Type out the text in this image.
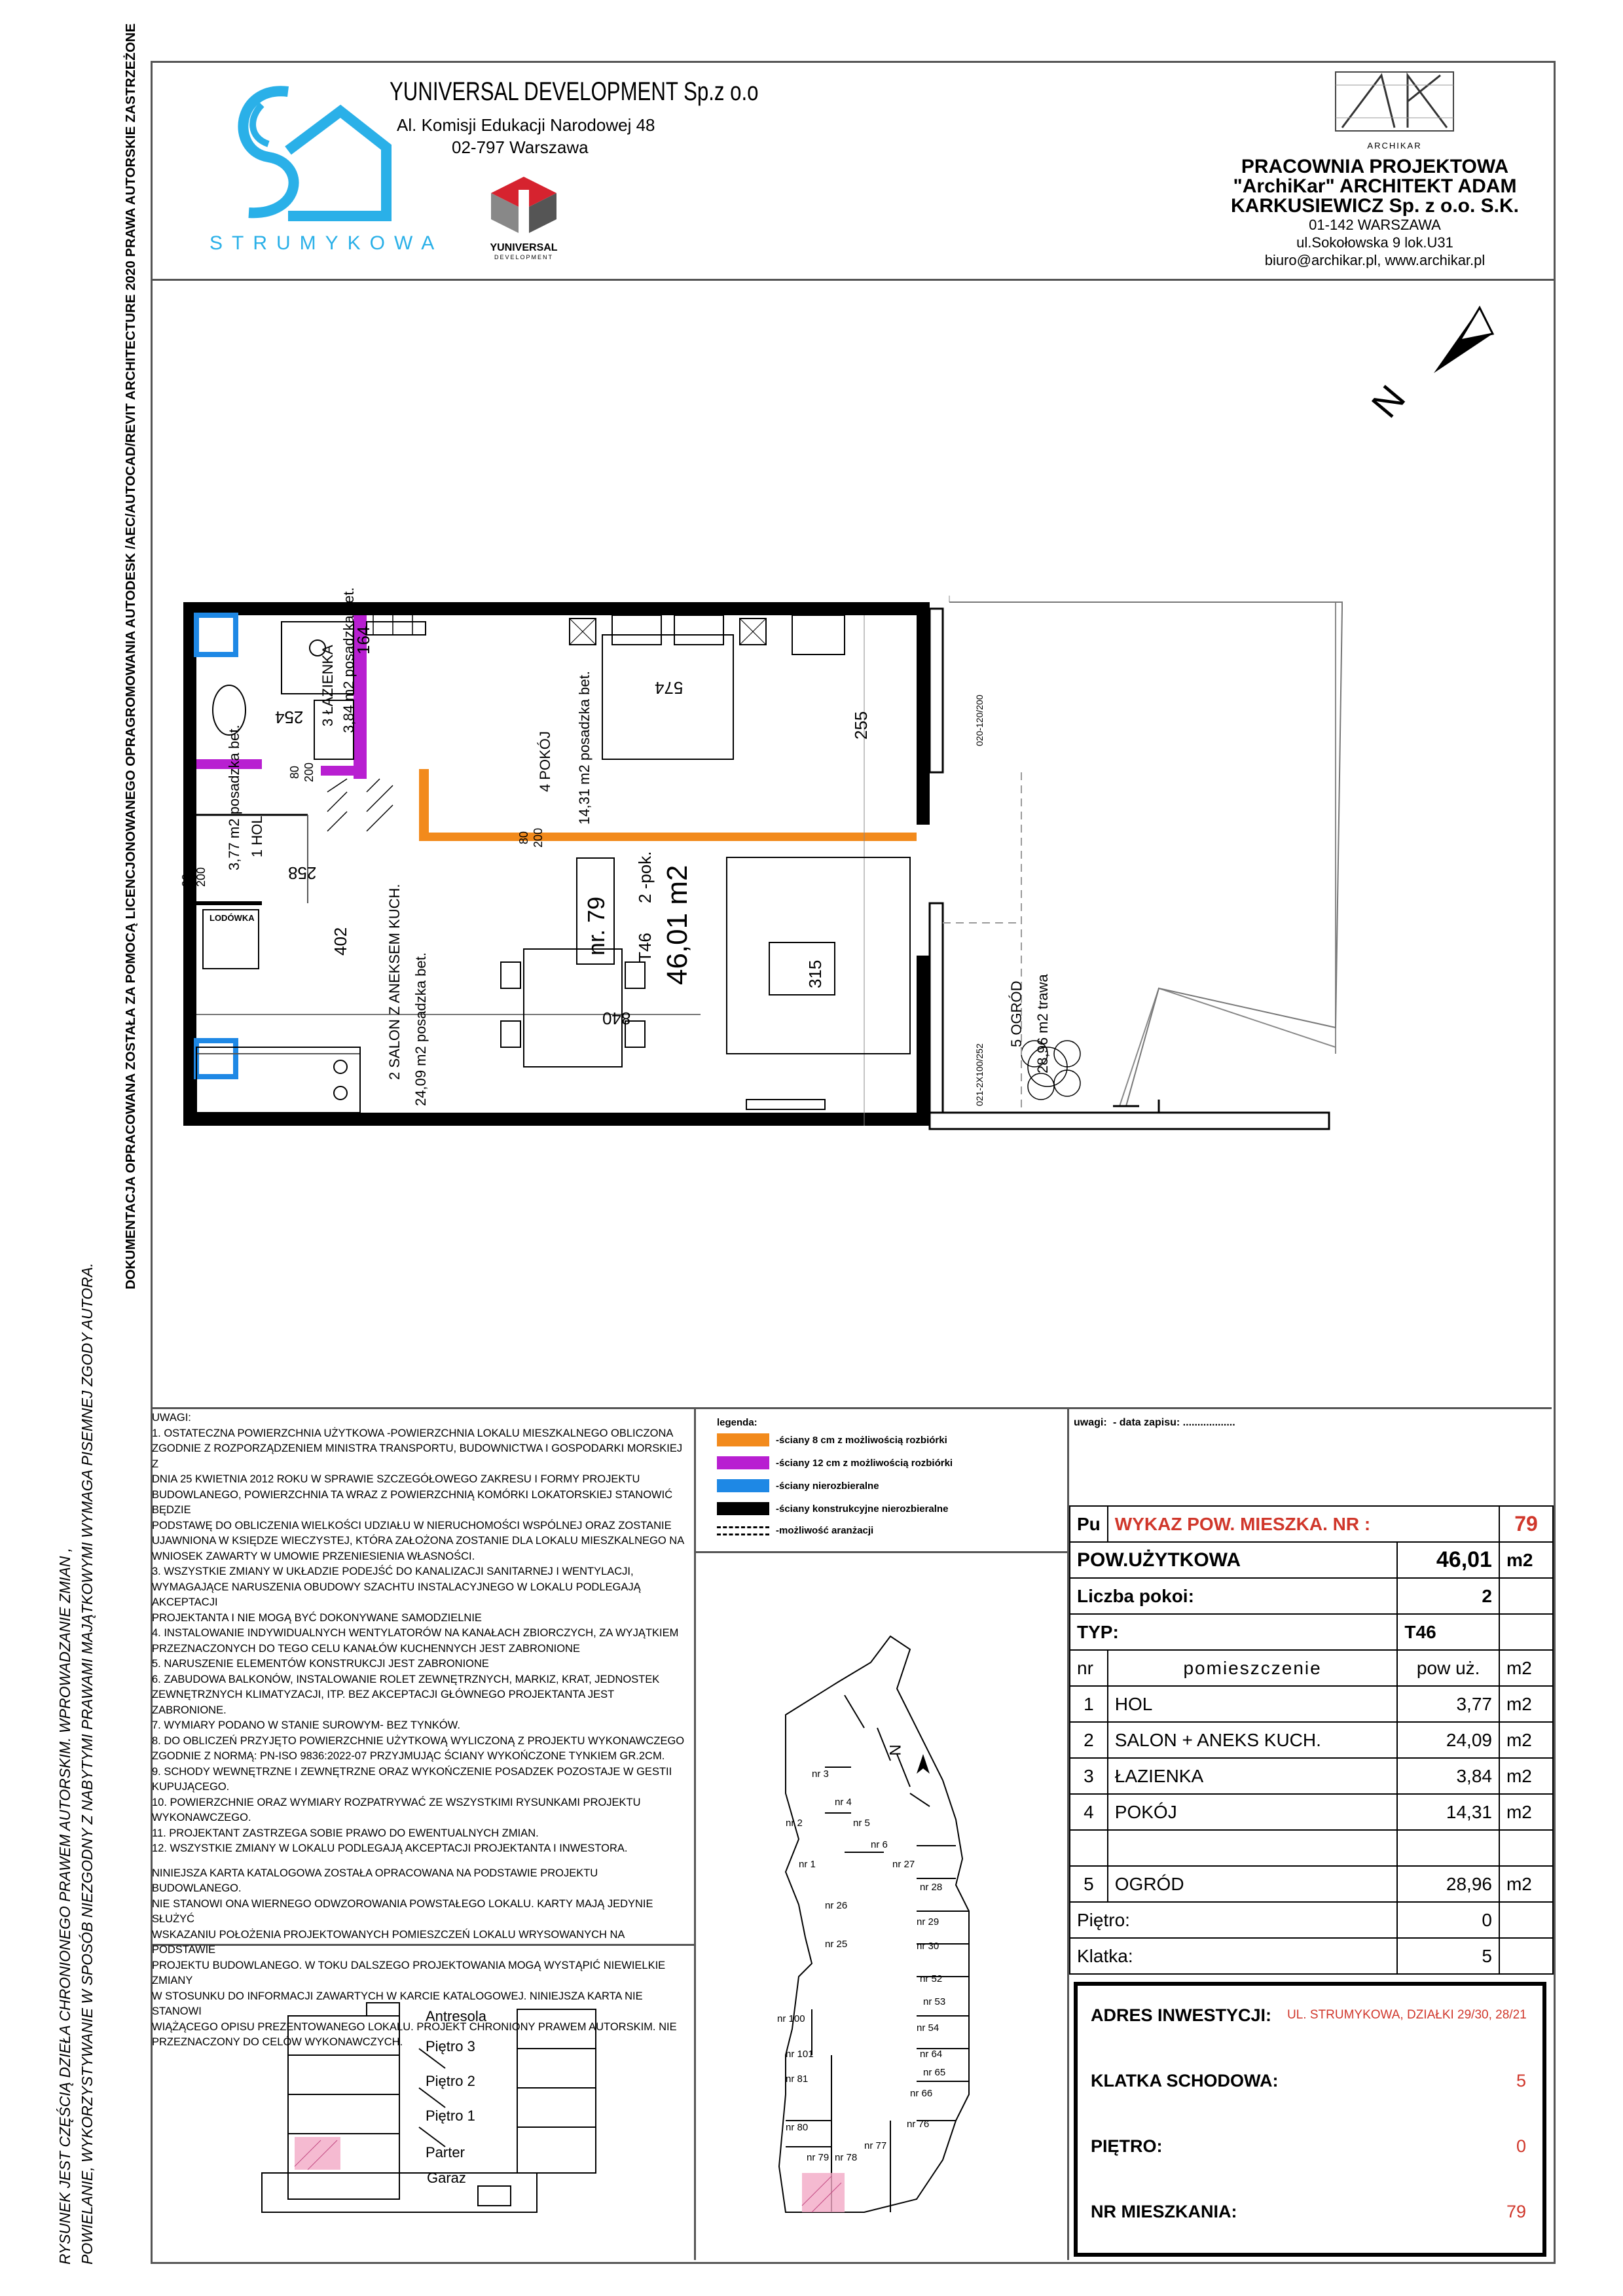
RYSUNEK JEST CZĘŚCIĄ DZIEŁA CHRONIONEGO PRAWEM AUTORSKIM. WPROWADZANIE ZMIAN , POWIELANIE, WYKORZYSTYWANIE W SPOSÓB NIEZGODNY Z NABYTYMI PRAWAMI MAJĄTKOWYMI WYMAGA PISEMNEJ ZGODY AUTORA.
DOKUMENTACJA OPRACOWANA ZOSTAŁA ZA POMOCĄ LICENCJONOWANEGO OPRAGROMOWANIA AUTODESK /AEC/AUTOCAD/REVIT ARCHITECTURE 2020 PRAWA AUTORSKIE ZASTRZEŻONE	STRUMYKOWA
YUNIVERSAL DEVELOPMENT Sp.z o.o
Al. Komisji Edukacji Narodowej 48
02-797 Warszawa
YUNIVERSAL
DEVELOPMENT
ARCHIKAR
PRACOWNIA PROJEKTOWA
"ArchiKar" ARCHITEKT ADAM
KARKUSIEWICZ Sp. z o.o. S.K.
01-142 WARSZAWA
ul.Sokołowska 9 lok.U31
biuro@archikar.pl, www.archikar.pl
N
3 ŁAZIENKA 3,84 m2 posadzka bet.
1 HOL
3,77 m2 posadzka bet.	4 POKÓJ 14,31 m2 posadzka bet.
2 SALON Z ANEKSEM KUCH. 24,09 m2 posadzka bet.	5 OGRÓD 28,96 m2 trawa
LODÓWKA	nr. 79 T46
2 -pok. 46,01 m2
164
254
258
402
574
255
315
840
80 200
90 200
80 200
020-120/200
021-2X100/252

UWAGI:

1. OSTATECZNA POWIERZCHNIA UŻYTKOWA -POWIERZCHNIA LOKALU MIESZKALNEGO OBLICZONA

ZGODNIE Z ROZPORZĄDZENIEM MINISTRA TRANSPORTU, BUDOWNICTWA I GOSPODARKI MORSKIEJ Z

DNIA 25 KWIETNIA 2012 ROKU W SPRAWIE SZCZEGÓŁOWEGO ZAKRESU I FORMY PROJEKTU

BUDOWLANEGO, POWIERZCHNIA TA WRAZ Z POWIERZCHNIĄ KOMÓRKI LOKATORSKIEJ STANOWIĆ BĘDZIE

PODSTAWĘ DO OBLICZENIA WIELKOŚCI UDZIAŁU W NIERUCHOMOŚCI WSPÓLNEJ ORAZ ZOSTANIE

UJAWNIONA W KSIĘDZE WIECZYSTEJ, KTÓRA ZAŁOŻONA ZOSTANIE DLA LOKALU MIESZKALNEGO NA

WNIOSEK ZAWARTY W UMOWIE PRZENIESIENIA WŁASNOŚCI.

3. WSZYSTKIE ZMIANY W UKŁADZIE PODEJŚĆ DO KANALIZACJI SANITARNEJ I WENTYLACJI,

WYMAGAJĄCE NARUSZENIA OBUDOWY SZACHTU INSTALACYJNEGO W LOKALU PODLEGAJĄ AKCEPTACJI

PROJEKTANTA I NIE MOGĄ BYĆ DOKONYWANE SAMODZIELNIE

4. INSTALOWANIE INDYWIDUALNYCH WENTYLATORÓW NA KANAŁACH ZBIORCZYCH, ZA WYJĄTKIEM

PRZEZNACZONYCH DO TEGO CELU KANAŁÓW KUCHENNYCH JEST ZABRONIONE

5. NARUSZENIE ELEMENTÓW KONSTRUKCJI JEST ZABRONIONE

6. ZABUDOWA BALKONÓW, INSTALOWANIE ROLET ZEWNĘTRZNYCH, MARKIZ, KRAT, JEDNOSTEK

ZEWNĘTRZNYCH KLIMATYZACJI, ITP. BEZ AKCEPTACJI GŁÓWNEGO PROJEKTANTA JEST ZABRONIONE.

7. WYMIARY PODANO W STANIE SUROWYM- BEZ TYNKÓW.

8. DO OBLICZEŃ PRZYJĘTO POWIERZCHNIE UŻYTKOWĄ WYLICZONĄ Z PROJEKTU WYKONAWCZEGO

ZGODNIE Z NORMĄ: PN-ISO 9836:2022-07 PRZYJMUJĄC ŚCIANY WYKOŃCZONE TYNKIEM GR.2CM.

9. SCHODY WEWNĘTRZNE I ZEWNĘTRZNE ORAZ WYKOŃCZENIE POSADZEK POZOSTAJE W GESTII

KUPUJĄCEGO.

10. POWIERZCHNIE ORAZ WYMIARY ROZPATRYWAĆ ZE WSZYSTKIMI RYSUNKAMI PROJEKTU

WYKONAWCZEGO.

11. PROJEKTANT ZASTRZEGA SOBIE PRAWO DO EWENTUALNYCH ZMIAN.

12. WSZYSTKIE ZMIANY W LOKALU PODLEGAJĄ AKCEPTACJI PROJEKTANTA I INWESTORA.

NINIEJSZA KARTA KATALOGOWA ZOSTAŁA OPRACOWANA NA PODSTAWIE PROJEKTU BUDOWLANEGO.

NIE STANOWI ONA WIERNEGO ODWZOROWANIA POWSTAŁEGO LOKALU. KARTY MAJĄ JEDYNIE SŁUŻYĆ

WSKAZANIU POŁOŻENIA PROJEKTOWANYCH POMIESZCZEŃ LOKALU WRYSOWANYCH NA PODSTAWIE

PROJEKTU BUDOWLANEGO. W TOKU DALSZEGO PROJEKTOWANIA MOGĄ WYSTĄPIĆ NIEWIELKIE ZMIANY

W STOSUNKU DO INFORMACJI ZAWARTYCH W KARCIE KATALOGOWEJ. NINIEJSZA KARTA NIE STANOWI

WIĄŻĄCEGO OPISU PREZENTOWANEGO LOKALU. PROJEKT CHRONIONY PRAWEM AUTORSKIM. NIE

PRZEZNACZONY DO CELÓW WYKONAWCZYCH.

Antresola
Piętro 3
Piętro 2
Piętro 1
Parter
Garaż
legenda:
-ściany 8 cm z możliwością rozbiórki
-ściany 12 cm z możliwością rozbiórki
-ściany nierozbieralne
-ściany konstrukcyjne nierozbieralne
-możliwość aranżacji
N
nr 3
nr 4
nr 2	nr 5
nr 6
nr 1	nr 27
nr 28
nr 26
nr 29
nr 25	nr 30
nr 52
nr 53
nr 100
nr 54
nr 101	nr 64
nr 81
nr 65
nr 66
nr 80	nr 76
nr 77
nr 79 nr 78
uwagi: - data zapisu: ..................
Pu	WYKAZ POW. MIESZKA. NR :		79
POW.UŻYTKOWA		46,01	m2
Liczba pokoi:		2	
TYP:		T46	
nr	pomieszczenie	pow uż.	m2
1	HOL	3,77	m2
2	SALON + ANEKS KUCH.	24,09	m2
3	ŁAZIENKA	3,84	m2
4	POKÓJ	14,31	m2

5	OGRÓD	28,96	m2
Piętro:		0	
Klatka:		5	
ADRES INWESTYCJI: UL. STRUMYKOWA, DZIAŁKI 29/30, 28/21
KLATKA SCHODOWA:	5
PIĘTRO:	0
NR MIESZKANIA:	79
